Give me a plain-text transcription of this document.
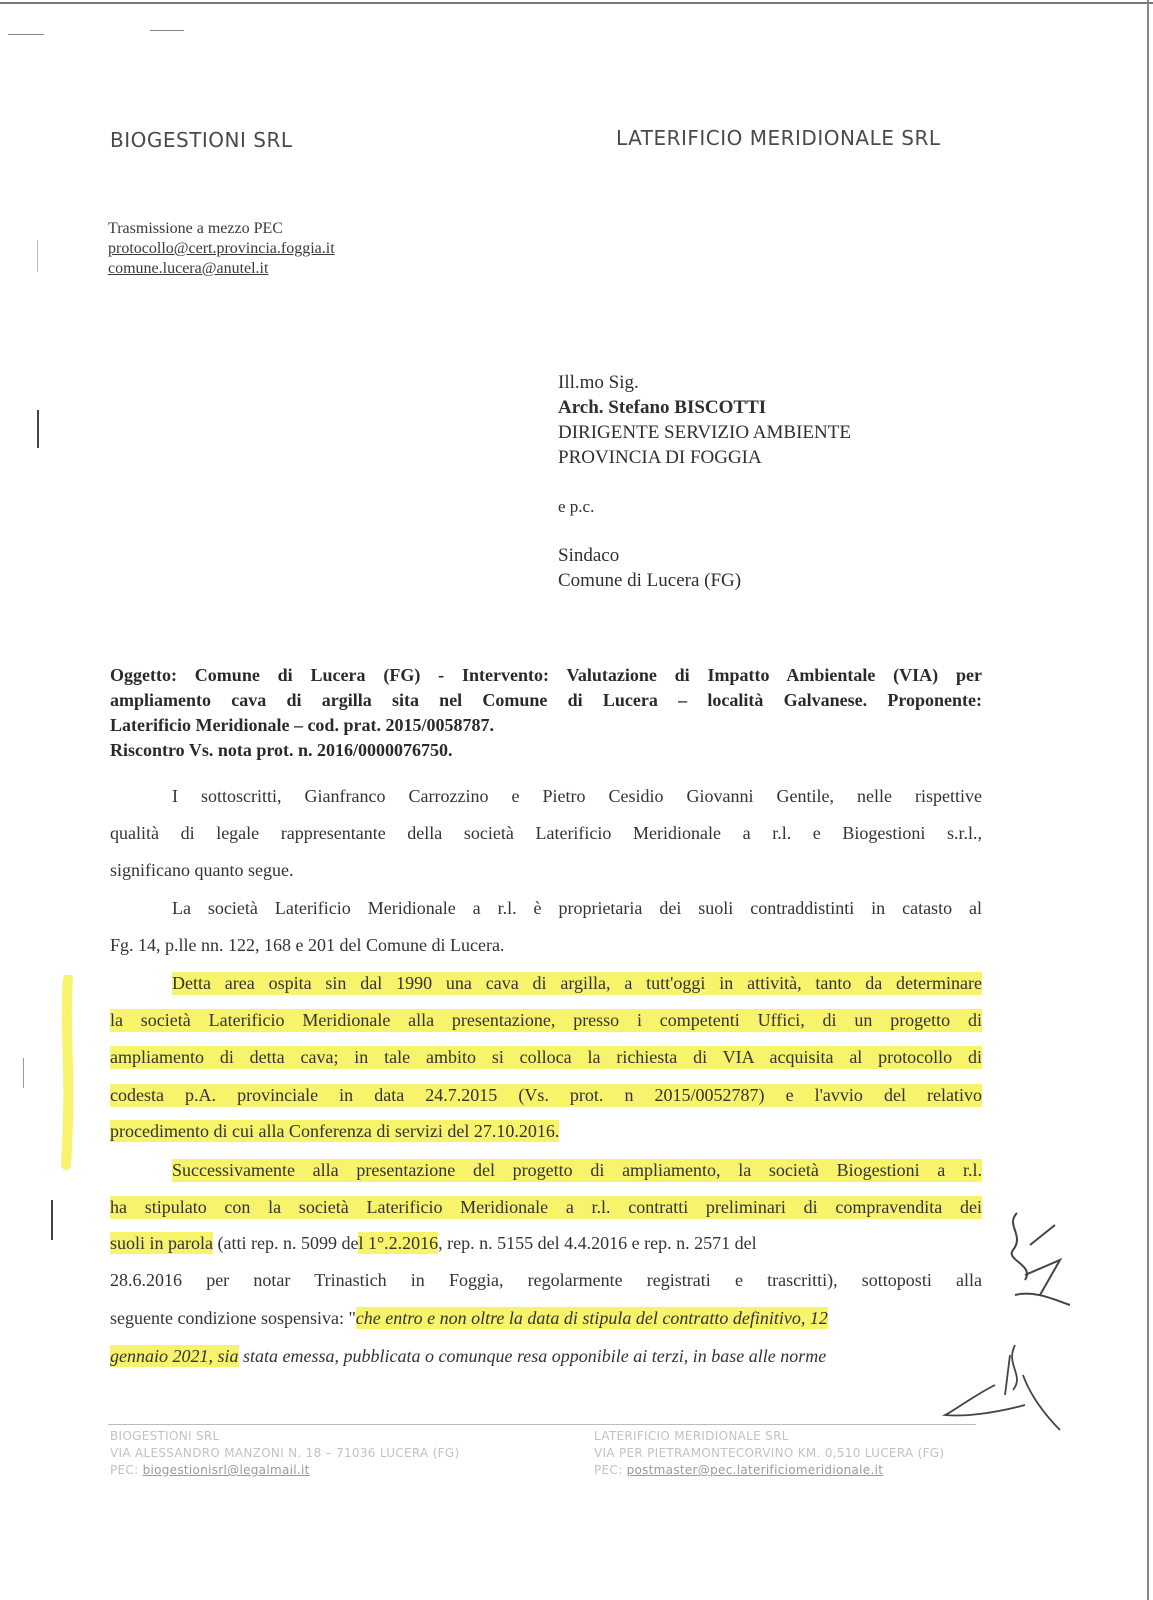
BIOGESTIONI SRL	LATERIFICIO MERIDIONALE SRL
Trasmissione a mezzo PEC
protocollo@cert.provincia.foggia.it
comune.lucera@anutel.it
Ill.mo Sig.
Arch. Stefano BISCOTTI
DIRIGENTE SERVIZIO AMBIENTE
PROVINCIA DI FOGGIA
e p.c.
Sindaco
Comune di Lucera (FG)
Oggetto: Comune di Lucera (FG) - Intervento: Valutazione di Impatto Ambientale (VIA) per
ampliamento cava di argilla sita nel Comune di Lucera – località Galvanese. Proponente:
Laterificio Meridionale – cod. prat. 2015/0058787.
Riscontro Vs. nota prot. n. 2016/0000076750.
I sottoscritti, Gianfranco Carrozzino e Pietro Cesidio Giovanni Gentile, nelle rispettive
qualità di legale rappresentante della società Laterificio Meridionale a r.l. e Biogestioni s.r.l.,
significano quanto segue.
La società Laterificio Meridionale a r.l. è proprietaria dei suoli contraddistinti in catasto al
Fg. 14, p.lle nn. 122, 168 e 201 del Comune di Lucera.
Detta area ospita sin dal 1990 una cava di argilla, a tutt'oggi in attività, tanto da determinare
la società Laterificio Meridionale alla presentazione, presso i competenti Uffici, di un progetto di
ampliamento di detta cava; in tale ambito si colloca la richiesta di VIA acquisita al protocollo di
codesta p.A. provinciale in data 24.7.2015 (Vs. prot. n 2015/0052787) e l'avvio del relativo
procedimento di cui alla Conferenza di servizi del 27.10.2016.
Successivamente alla presentazione del progetto di ampliamento, la società Biogestioni a r.l.
ha stipulato con la società Laterificio Meridionale a r.l. contratti preliminari di compravendita dei
suoli in parola (atti rep. n. 5099 del 1°.2.2016, rep. n. 5155 del 4.4.2016 e rep. n. 2571 del
28.6.2016 per notar Trinastich in Foggia, regolarmente registrati e trascritti), sottoposti alla
seguente condizione sospensiva: "che entro e non oltre la data di stipula del contratto definitivo, 12
gennaio 2021, sia stata emessa, pubblicata o comunque resa opponibile ai terzi, in base alle norme
BIOGESTIONI SRL
VIA ALESSANDRO MANZONI N. 18 – 71036 LUCERA (FG)
PEC: biogestionisrl@legalmail.it
LATERIFICIO MERIDIONALE SRL
VIA PER PIETRAMONTECORVINO KM. 0,510 LUCERA (FG)
PEC: postmaster@pec.laterificiomeridionale.it
